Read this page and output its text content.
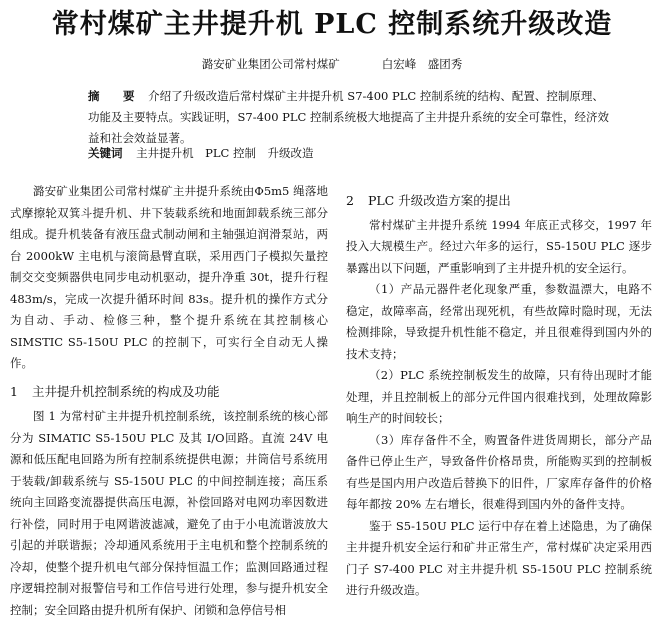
常村煤矿主井提升机 PLC 控制系统升级改造
潞安矿业集团公司常村煤矿	白宏峰　盛团秀
摘　要 介绍了升级改造后常村煤矿主井提升机 S7-400 PLC 控制系统的结构、配置、控制原理、功能及主要特点。实践证明，S7-400 PLC 控制系统极大地提高了主井提升系统的安全可靠性，经济效益和社会效益显著。
关键词 主井提升机　PLC 控制　升级改造

潞安矿业集团公司常村煤矿主井提升系统由Φ5m5 绳落地式摩擦轮双箕斗提升机、井下装载系统和地面卸载系统三部分组成。提升机装备有液压盘式制动闸和主轴强迫润滑泵站，两台 2000kW 主电机与滚筒悬臂直联，采用西门子模拟矢量控制交交变频器供电同步电动机驱动，提升净重 30t，提升行程 483m/s，完成一次提升循环时间 83s。提升机的操作方式分为自动、手动、检修三种，整个提升系统在其控制核心 SIMSTIC S5-150U PLC 的控制下，可实行全自动无人操作。

1 主井提升机控制系统的构成及功能

图 1 为常村矿主井提升机控制系统，该控制系统的核心部分为 SIMATIC S5-150U PLC 及其 I/O回路。直流 24V 电源和低压配电回路为所有控制系统提供电源；井筒信号系统用于装载/卸载系统与 S5-150U PLC 的中间控制连接；高压系统向主回路变流器提供高压电源，补偿回路对电网功率因数进行补偿，同时用于电网谐波滤减，避免了由于小电流谐波放大引起的并联谐振；冷却通风系统用于主电机和整个控制系统的冷却，使整个提升机电气部分保持恒温工作；监测回路通过程序逻辑控制对报警信号和工作信号进行处理，参与提升机安全控制；安全回路由提升机所有保护、闭锁和急停信号相

2 PLC 升级改造方案的提出

常村煤矿主井提升系统 1994 年底正式移交，1997 年投入大规模生产。经过六年多的运行，S5-150U PLC 逐步暴露出以下问题，严重影响到了主井提升机的安全运行。

（1）产品元器件老化现象严重，参数温漂大，电路不稳定，故障率高，经常出现死机，有些故障时隐时现，无法检测排除，导致提升机性能不稳定，并且很难得到国内外的技术支持；

（2）PLC 系统控制板发生的故障，只有待出现时才能处理，并且控制板上的部分元件国内很难找到，处理故障影响生产的时间较长；

（3）库存备件不全，购置备件进货周期长，部分产品备件已停止生产，导致备件价格昂贵，所能购买到的控制板有些是国内用户改造后替换下的旧件，厂家库存备件的价格每年都按 20% 左右增长，很难得到国内外的备件支持。

鉴于 S5-150U PLC 运行中存在着上述隐患，为了确保主井提升机安全运行和矿井正常生产，常村煤矿决定采用西门子 S7-400 PLC 对主井提升机 S5-150U PLC 控制系统进行升级改造。
